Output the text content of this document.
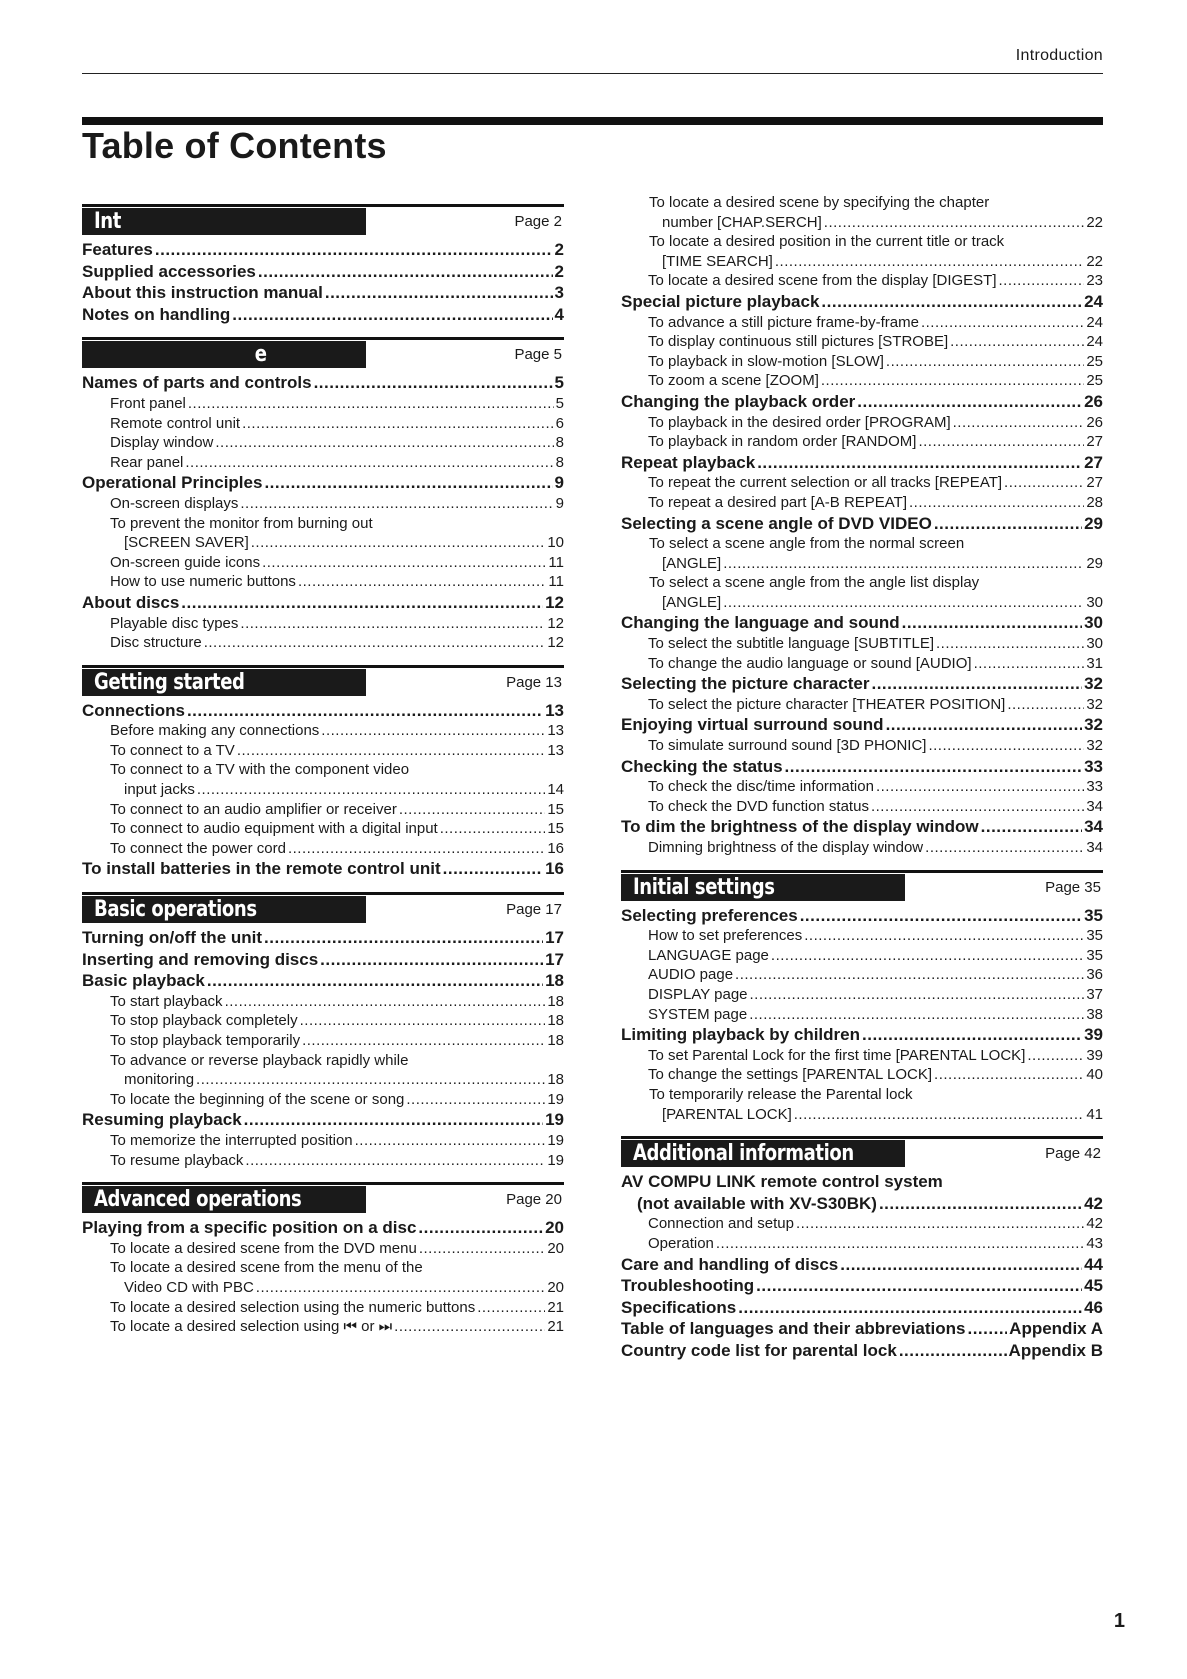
Introduction
Table of Contents
Int	Page 2
Features .....	2
Supplied accessories .....	2
About this instruction manual .....	3
Notes on handling .....	4
e	Page 5
Names of parts and controls .....	5
Front panel .....	5
Remote control unit .....	6
Display window .....	8
Rear panel .....	8
Operational Principles .....	9
On-screen displays .....	9
To prevent the monitor from burning out
[SCREEN SAVER] .....	10
On-screen guide icons .....	11
How to use numeric buttons .....	11
About discs .....	12
Playable disc types .....	12
Disc structure .....	12
Getting started	Page 13
Connections .....	13
Before making any connections .....	13
To connect to a TV .....	13
To connect to a TV with the component video
input jacks .....	14
To connect to an audio amplifier or receiver .....	15
To connect to audio equipment with a digital input .....	15
To connect the power cord .....	16
To install batteries in the remote control unit .....	16
Basic operations	Page 17
Turning on/off the unit .....	17
Inserting and removing discs .....	17
Basic playback .....	18
To start playback .....	18
To stop playback completely .....	18
To stop playback temporarily .....	18
To advance or reverse playback rapidly while
monitoring .....	18
To locate the beginning of the scene or song .....	19
Resuming playback .....	19
To memorize the interrupted position .....	19
To resume playback .....	19
Advanced operations	Page 20
Playing from a specific position on a disc .....	20
To locate a desired scene from the DVD menu .....	20
To locate a desired scene from the menu of the
Video CD with PBC .....	20
To locate a desired selection using the numeric buttons .....	21
To locate a desired selection using ⏮ or ⏭ .....	21
To locate a desired scene by specifying the chapter
number [CHAP.SERCH] .....	22
To locate a desired position in the current title or track
[TIME SEARCH] .....	22
To locate a desired scene from the display [DIGEST] .....	23
Special picture playback .....	24
To advance a still picture frame-by-frame .....	24
To display continuous still pictures [STROBE] .....	24
To playback in slow-motion [SLOW] .....	25
To zoom a scene [ZOOM] .....	25
Changing the playback order .....	26
To playback in the desired order [PROGRAM] .....	26
To playback in random order [RANDOM] .....	27
Repeat playback .....	27
To repeat the current selection or all tracks [REPEAT] .....	27
To repeat a desired part [A-B REPEAT] .....	28
Selecting a scene angle of DVD VIDEO .....	29
To select a scene angle from the normal screen
[ANGLE] .....	29
To select a scene angle from the angle list display
[ANGLE] .....	30
Changing the language and sound .....	30
To select the subtitle language [SUBTITLE] .....	30
To change the audio language or sound [AUDIO] .....	31
Selecting the picture character .....	32
To select the picture character [THEATER POSITION] .....	32
Enjoying virtual surround sound .....	32
To simulate surround sound [3D PHONIC] .....	32
Checking the status .....	33
To check the disc/time information .....	33
To check the DVD function status .....	34
To dim the brightness of the display window .....	34
Dimning brightness of the display window .....	34
Initial settings	Page 35
Selecting preferences .....	35
How to set preferences .....	35
LANGUAGE page .....	35
AUDIO page .....	36
DISPLAY page .....	37
SYSTEM page .....	38
Limiting playback by children .....	39
To set Parental Lock for the first time [PARENTAL LOCK] .....	39
To change the settings [PARENTAL LOCK] .....	40
To temporarily release the Parental lock
[PARENTAL LOCK] .....	41
Additional information	Page 42
AV COMPU LINK remote control system
(not available with XV-S30BK) .....	42
Connection and setup .....	42
Operation .....	43
Care and handling of discs .....	44
Troubleshooting .....	45
Specifications .....	46
Table of languages and their abbreviations .....	Appendix A
Country code list for parental lock .....	Appendix B
1
